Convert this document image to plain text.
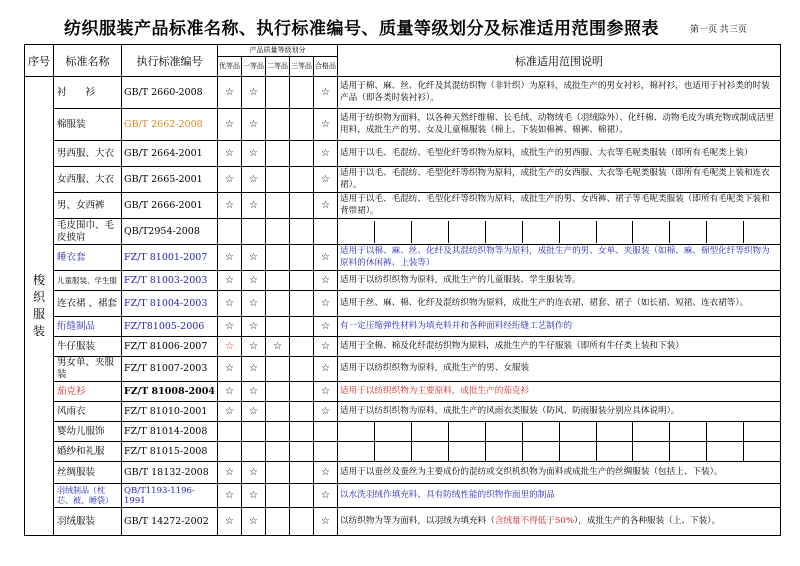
纺织服装产品标准名称、执行标准编号、质量等级划分及标准适用范围参照表	第一页 共三页
序号	标准名称	执行标准编号	产品质量等级划分					标准适用范围说明
			优等品	一等品	二等品	三等品	合格品	
梭织服装	衬　　衫	GB/T 2660-2008	☆	☆			☆	适用于棉、麻、丝、化纤及其混纺织物（非针织）为原料，成批生产的男女衬衫，棉衬衫，也适用于衬衫类的时装产品（即各类时装衬衫）。
	棉服装	GB/T 2662-2008	☆	☆			☆	适用于纺织物为面料，以各种天然纤维棉、长毛绒、动物绒毛（羽绒除外）、化纤棉、动物毛皮为填充物或制成活里用料，成批生产的男、女及儿童棉服装（棉上、下装如棉裤、棉裤、棉裙）。
	男西服、大衣	GB/T 2664-2001	☆	☆			☆	适用于以毛、毛混纺、毛型化纤等织物为原料，成批生产的男西服、大衣等毛呢类服装（即所有毛呢类上装）
	女西服、大衣	GB/T 2665-2001	☆	☆			☆	适用于以毛、毛混纺、毛型化纤等织物为原料，成批生产的女西服、大衣等毛呢类服装（即所有毛呢类上装和连衣裙）。
	男、女西裤	GB/T 2666-2001	☆	☆			☆	适用于以毛、毛混纺、毛型化纤等织物为原料，成批生产的男、女西裤、裙子等毛呢类服装（即所有毛呢类下装和背带裙）。
	毛皮围巾、毛皮披肩	QB/T2954-2008						

	睡衣套	FZ/T 81001-2007	☆	☆			☆	适用于以棉、麻、丝、化纤及其混纺织物等为原料，成批生产的男、女单、夹服装（如棉、麻、棉型化纤等织物为原料的休闲裤、上装等）
	儿童服装、学生服	FZ/T 81003-2003	☆	☆			☆	适用于以纺织织物为原料，成批生产的儿童服装、学生服装等。
	连衣裙 、裙套	FZ/T 81004-2003	☆	☆			☆	适用于丝、麻、棉、化纤及混纺织物为原料，成批生产的连衣裙、裙套、裙子（如长裙、短裙、连衣裙等）。
	绗缝制品	FZ/T81005-2006	☆	☆			☆	有一定压缩弹性材料为填充料并和各种面料经绗缝工艺制作的
	牛仔服装	FZ/T 81006-2007	☆	☆	☆		☆	适用于全棉、棉及化纤混纺织物为原料，成批生产的牛仔服装（即所有牛仔类上装和下装）
	男女单、夹服装	FZ/T 81007-2003	☆	☆			☆	适用于以纺织织物为原料，成批生产的男、女服装
	茄克衫	FZ/T 81008-2004	☆	☆			☆	适用于以纺织织物为主要原料，成批生产的茄克衫
	风雨衣	FZ/T 81010-2001	☆	☆			☆	适用于以纺织织物为原料，成批生产的风雨衣类服装（防风、防雨服装分别应具体说明）。
	婴幼儿服饰	FZ/T 81014-2008						

	婚纱和礼服	FZ/T 81015-2008						

	丝绸服装	GB/T 18132-2008	☆	☆			☆	适用于以蚕丝及蚕丝为主要成份的混纺或交织机织物为面料或成批生产的丝绸服装（包括上、下装）。
	羽绒制品（枕芯、被、睡袋）	QB/T1193-1196-1991	☆	☆			☆	以水洗羽绒作填充料、具有防绒性能的织物作面里的制品
	羽绒服装	GB/T 14272-2002	☆	☆			☆	以纺织物为等为面料，以羽绒为填充料（含绒量不得低于50%），成批生产的各种服装（上、下装）。
